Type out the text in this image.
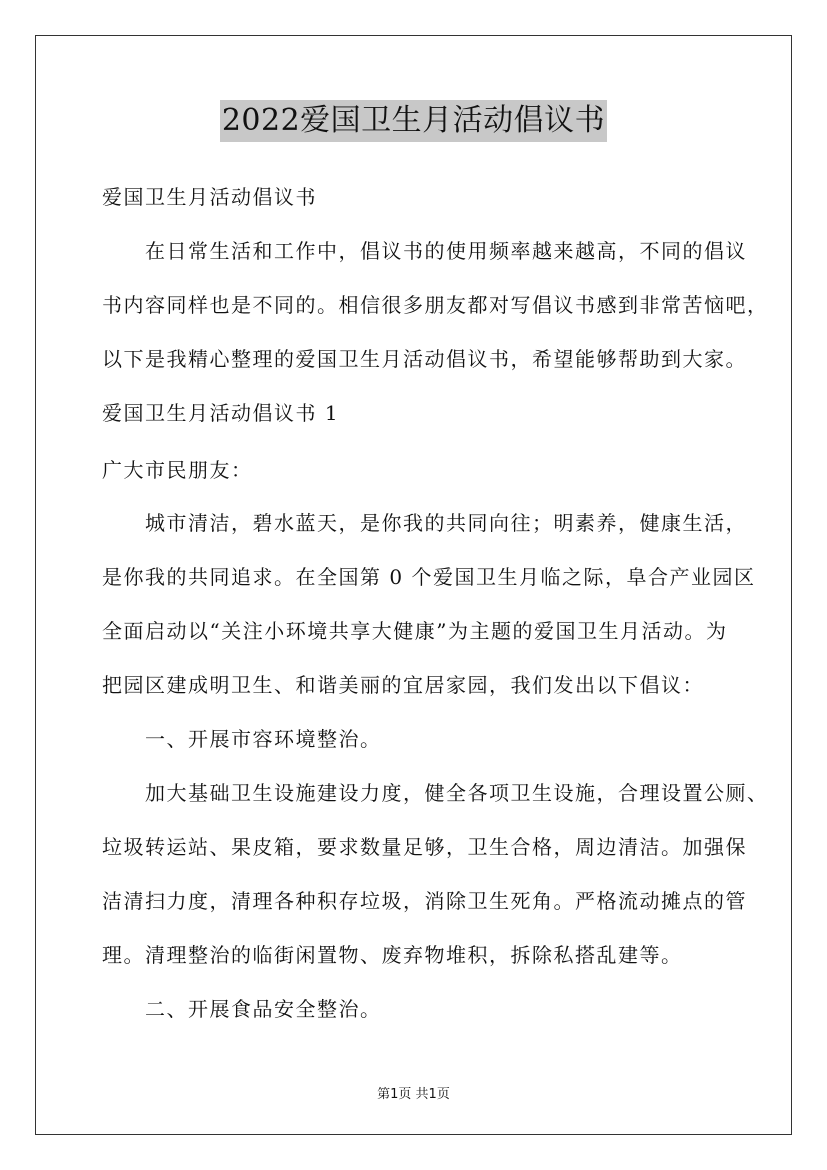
2022爱国卫生月活动倡议书
爱国卫生月活动倡议书
　　在日常生活和工作中，倡议书的使用频率越来越高，不同的倡议
书内容同样也是不同的。相信很多朋友都对写倡议书感到非常苦恼吧，
以下是我精心整理的爱国卫生月活动倡议书，希望能够帮助到大家。
爱国卫生月活动倡议书 1
广大市民朋友：
　　城市清洁，碧水蓝天，是你我的共同向往；明素养，健康生活，
是你我的共同追求。在全国第 0 个爱国卫生月临之际，阜合产业园区
全面启动以“关注小环境共享大健康”为主题的爱国卫生月活动。为
把园区建成明卫生、和谐美丽的宜居家园，我们发出以下倡议：
　　一、开展市容环境整治。
　　加大基础卫生设施建设力度，健全各项卫生设施，合理设置公厕、
垃圾转运站、果皮箱，要求数量足够，卫生合格，周边清洁。加强保
洁清扫力度，清理各种积存垃圾，消除卫生死角。严格流动摊点的管
理。清理整治的临街闲置物、废弃物堆积，拆除私搭乱建等。
　　二、开展食品安全整治。
第1页 共1页
